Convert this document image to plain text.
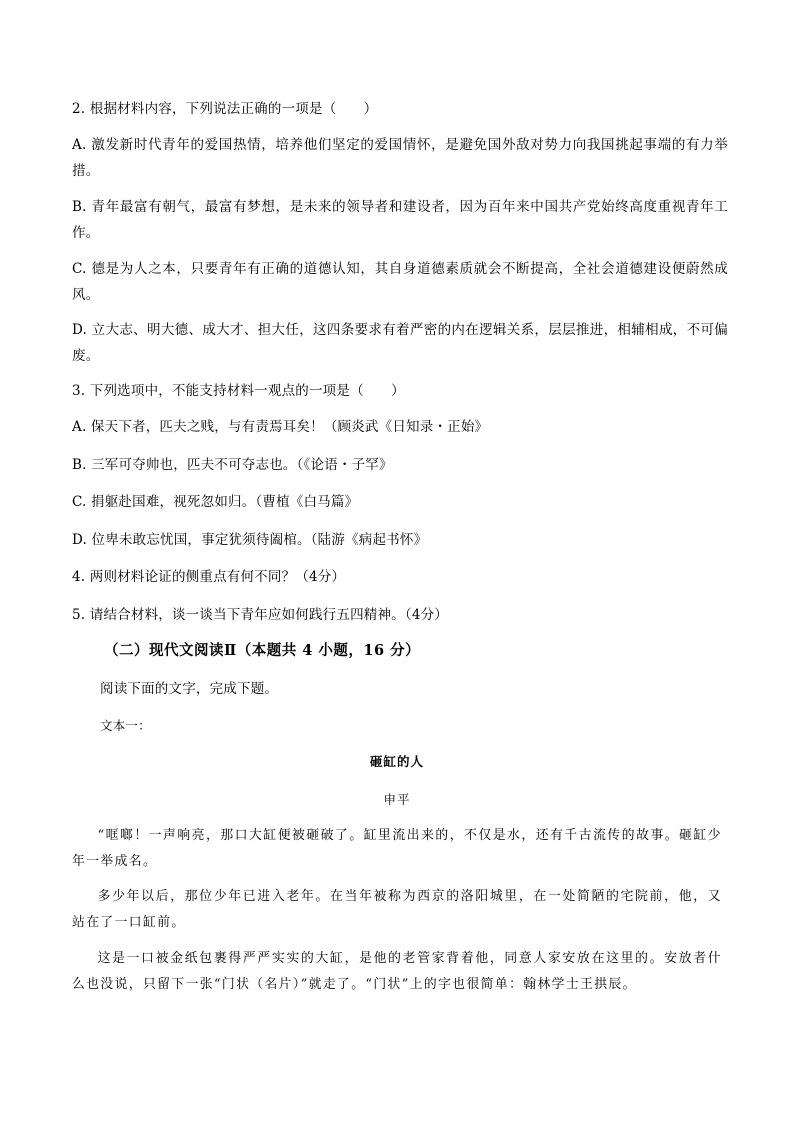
2. 根据材料内容，下列说法正确的一项是（　　）
A. 激发新时代青年的爱国热情，培养他们坚定的爱国情怀，是避免国外敌对势力向我国挑起事端的有力举措。
B. 青年最富有朝气，最富有梦想，是未来的领导者和建设者，因为百年来中国共产党始终高度重视青年工作。
C. 德是为人之本，只要青年有正确的道德认知，其自身道德素质就会不断提高，全社会道德建设便蔚然成风。
D. 立大志、明大德、成大才、担大任，这四条要求有着严密的内在逻辑关系，层层推进，相辅相成，不可偏废。
3. 下列选项中，不能支持材料一观点的一项是（　　）
A. 保天下者，匹夫之贱，与有责焉耳矣！（顾炎武《日知录・正始》
B. 三军可夺帅也，匹夫不可夺志也。（《论语・子罕》
C. 捐躯赴国难，视死忽如归。（曹植《白马篇》
D. 位卑未敢忘忧国，事定犹须待阖棺。（陆游《病起书怀》
4. 两则材料论证的侧重点有何不同？（4分）
5. 请结合材料，谈一谈当下青年应如何践行五四精神。（4分）
（二）现代文阅读Ⅱ（本题共 4 小题，16 分）
阅读下面的文字，完成下题。
文本一：
砸缸的人
申平
“哐啷！一声响亮，那口大缸便被砸破了。缸里流出来的，不仅是水，还有千古流传的故事。砸缸少年一举成名。
多少年以后，那位少年已进入老年。在当年被称为西京的洛阳城里，在一处简陋的宅院前，他，又站在了一口缸前。
这是一口被金纸包裹得严严实实的大缸，是他的老管家背着他，同意人家安放在这里的。安放者什么也没说，只留下一张“门状（名片）”就走了。“门状”上的字也很简单：翰林学士王拱辰。
